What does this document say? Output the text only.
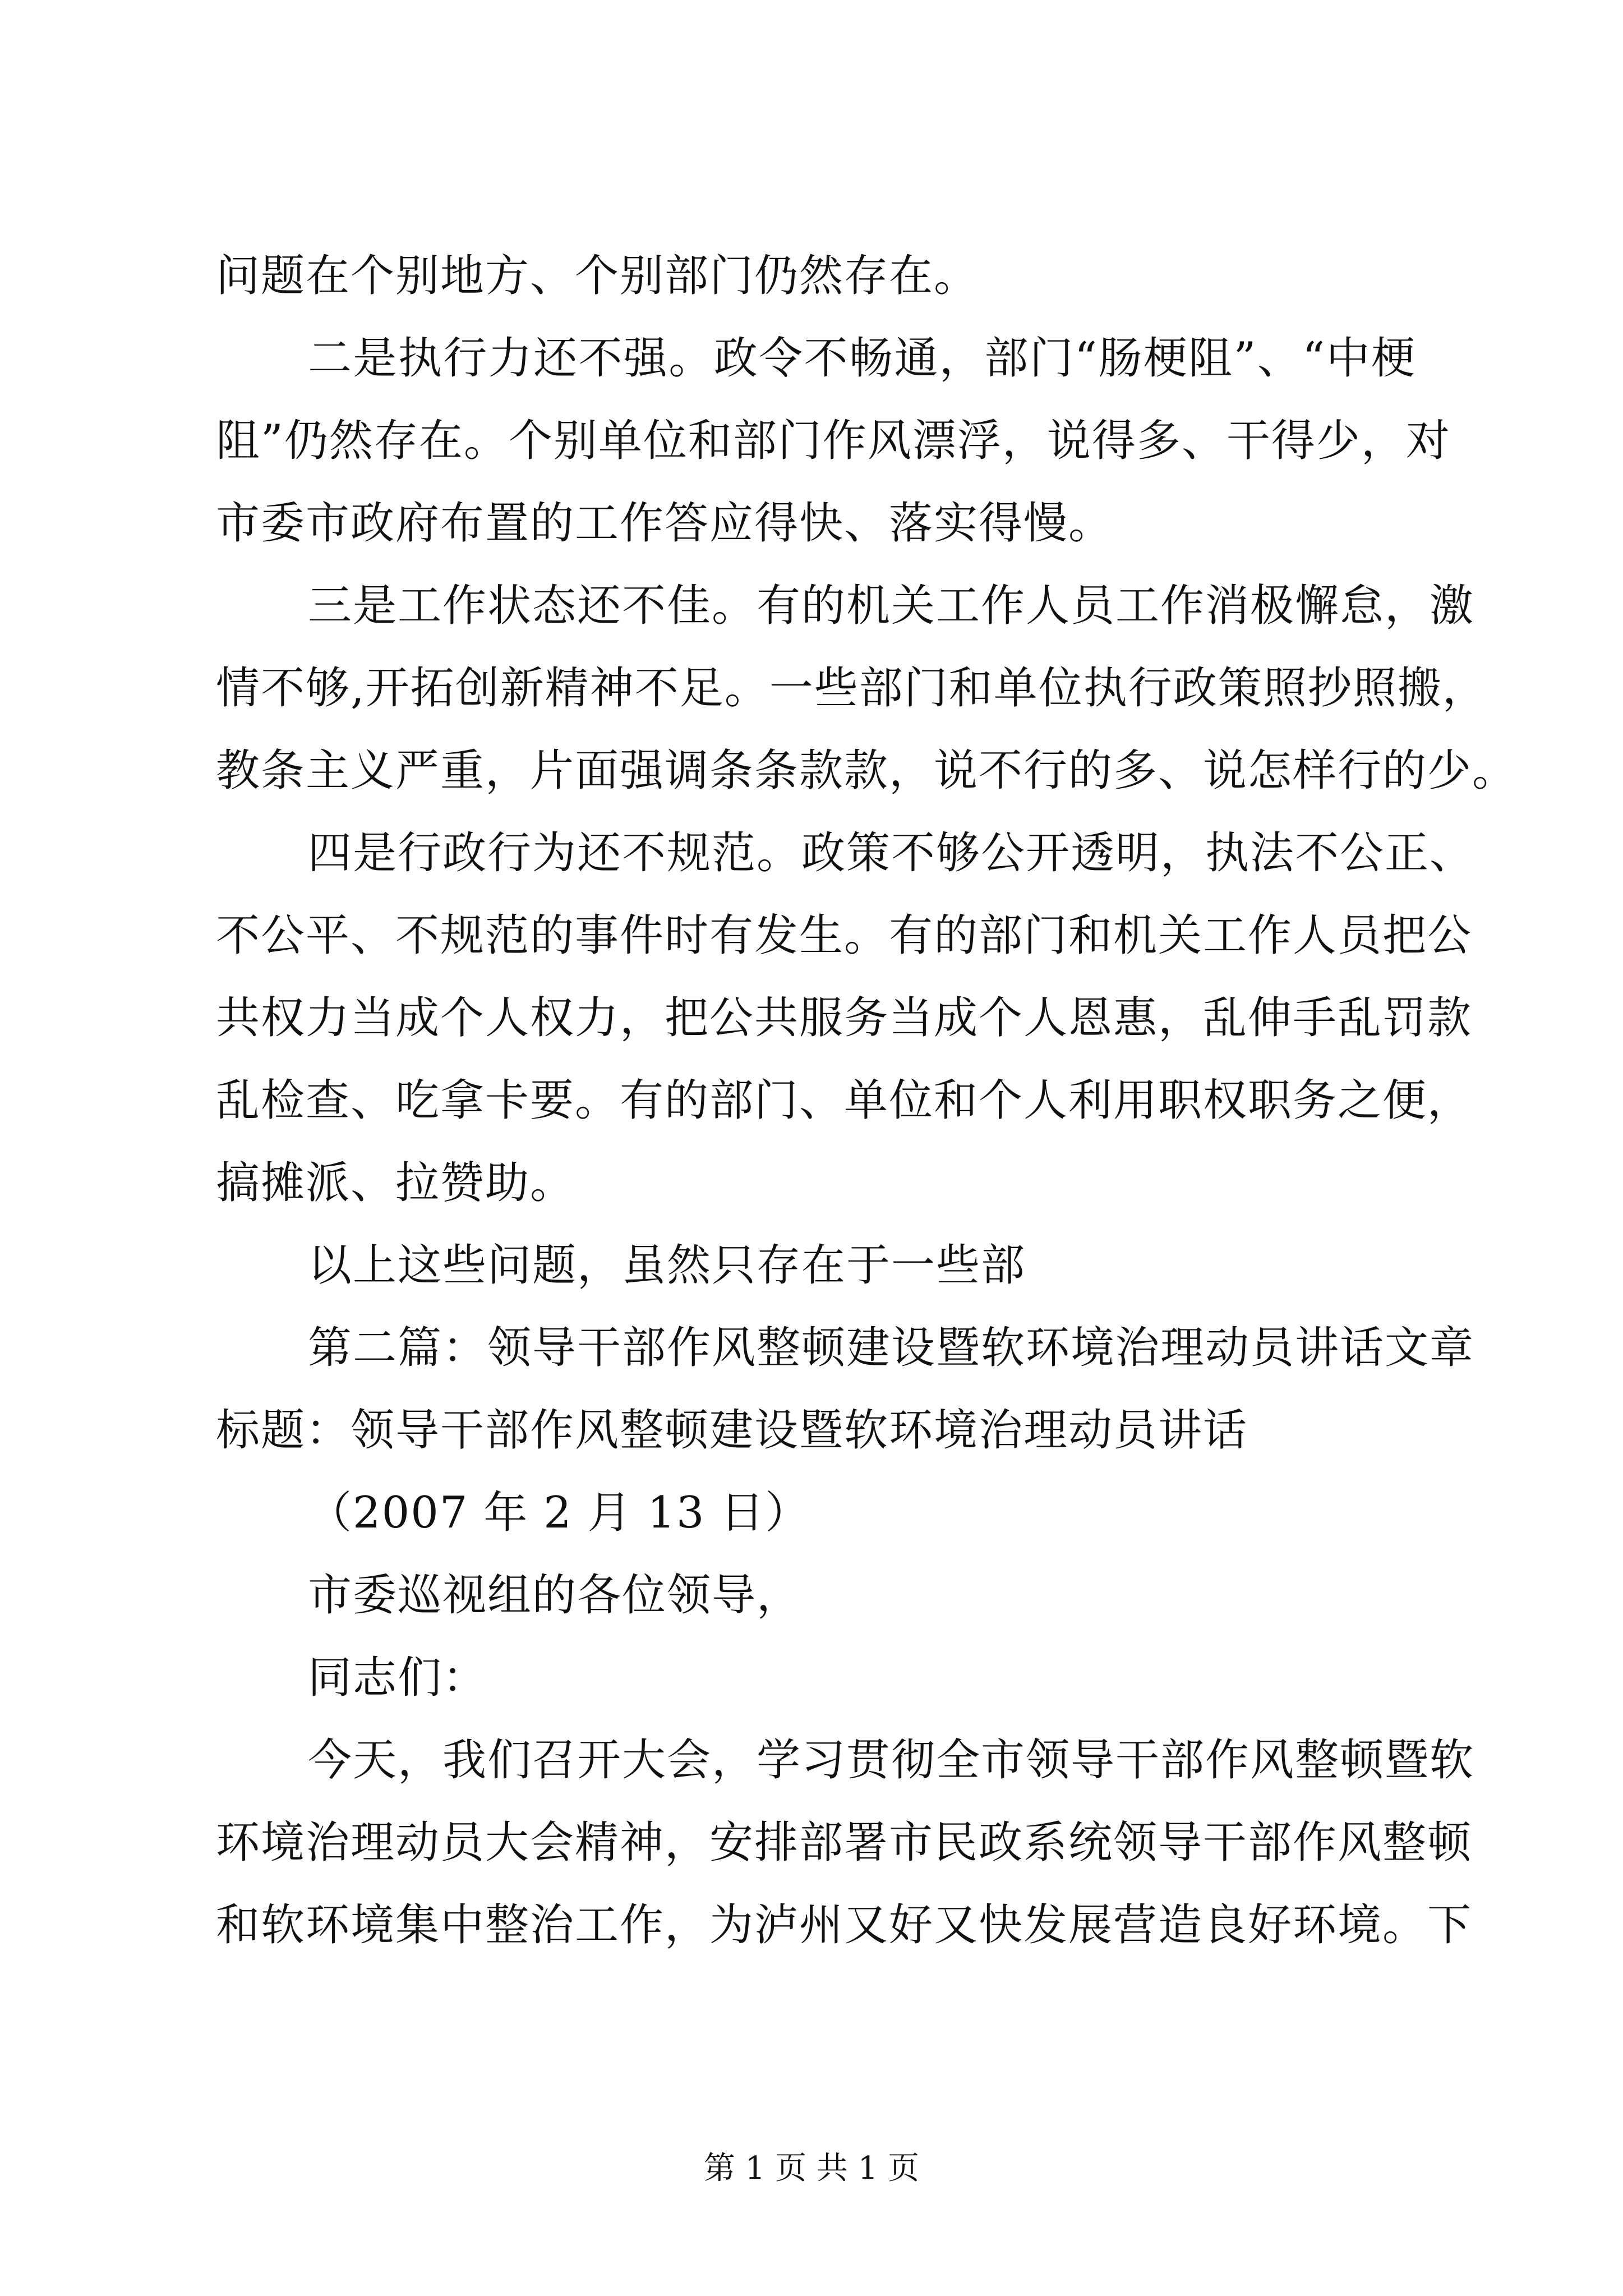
问题在个别地方、个别部门仍然存在。
二是执行力还不强。政令不畅通，部门“肠梗阻”、“中梗
阻”仍然存在。个别单位和部门作风漂浮，说得多、干得少，对
市委市政府布置的工作答应得快、落实得慢。
三是工作状态还不佳。有的机关工作人员工作消极懈怠，激
情不够,开拓创新精神不足。一些部门和单位执行政策照抄照搬，
教条主义严重，片面强调条条款款，说不行的多、说怎样行的少。
四是行政行为还不规范。政策不够公开透明，执法不公正、
不公平、不规范的事件时有发生。有的部门和机关工作人员把公
共权力当成个人权力，把公共服务当成个人恩惠，乱伸手乱罚款
乱检查、吃拿卡要。有的部门、单位和个人利用职权职务之便，
搞摊派、拉赞助。
以上这些问题，虽然只存在于一些部
第二篇：领导干部作风整顿建设暨软环境治理动员讲话文章
标题：领导干部作风整顿建设暨软环境治理动员讲话
（2007 年 2 月 13 日）
市委巡视组的各位领导，
同志们：
今天，我们召开大会，学习贯彻全市领导干部作风整顿暨软
环境治理动员大会精神，安排部署市民政系统领导干部作风整顿
和软环境集中整治工作，为泸州又好又快发展营造良好环境。下
第 1 页 共 1 页
